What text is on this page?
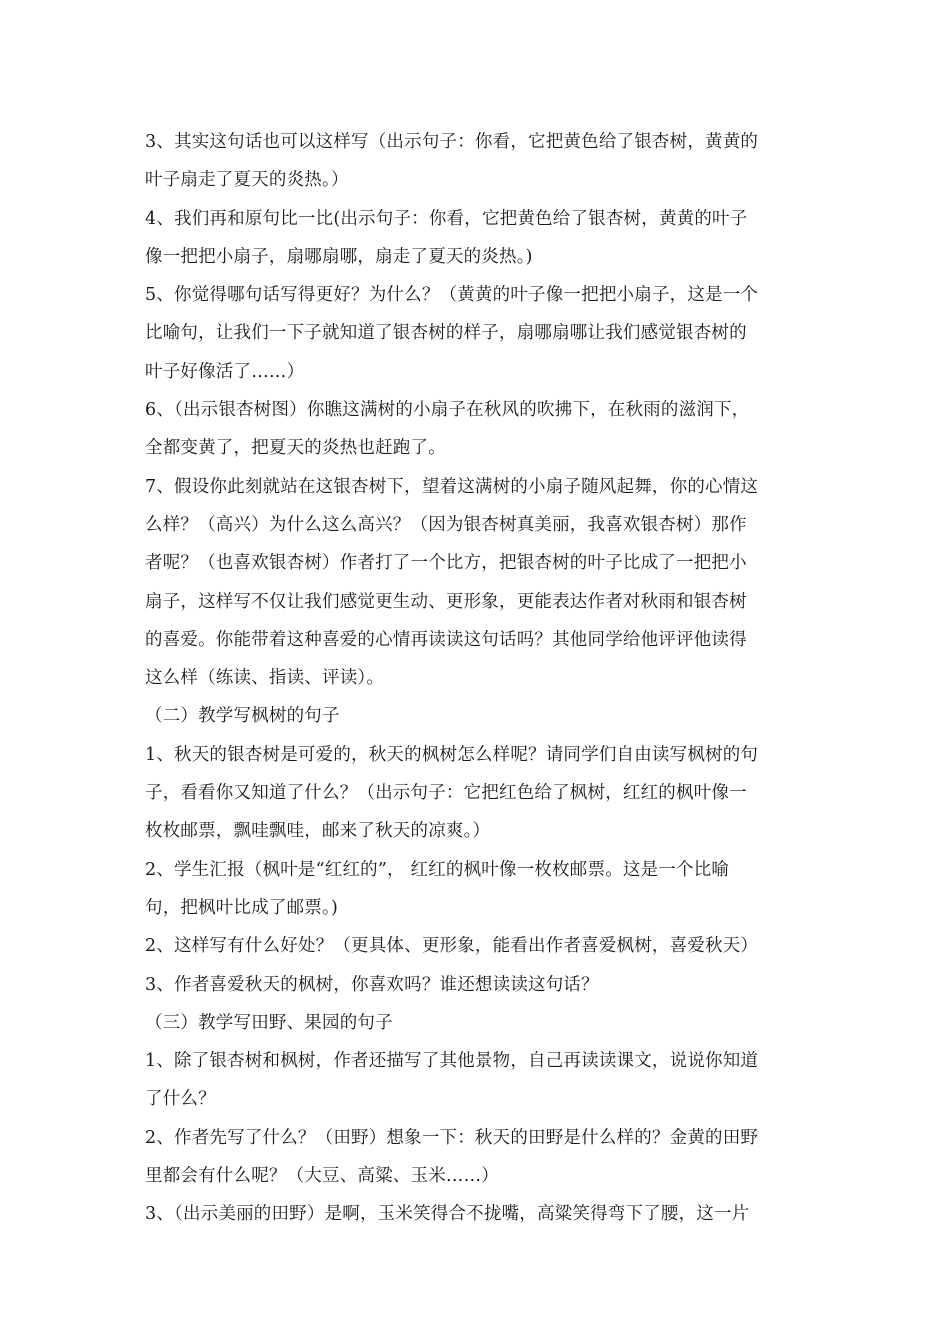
3、其实这句话也可以这样写（出示句子：你看，它把黄色给了银杏树，黄黄的
叶子扇走了夏天的炎热。）

4、我们再和原句比一比(出示句子：你看，它把黄色给了银杏树，黄黄的叶子
像一把把小扇子，扇哪扇哪，扇走了夏天的炎热。)

5、你觉得哪句话写得更好？为什么？（黄黄的叶子像一把把小扇子，这是一个
比喻句，让我们一下子就知道了银杏树的样子，扇哪扇哪让我们感觉银杏树的
叶子好像活了……）

6、（出示银杏树图）你瞧这满树的小扇子在秋风的吹拂下，在秋雨的滋润下，
全都变黄了，把夏天的炎热也赶跑了。

7、假设你此刻就站在这银杏树下，望着这满树的小扇子随风起舞，你的心情这
么样？（高兴）为什么这么高兴？（因为银杏树真美丽，我喜欢银杏树）那作
者呢？（也喜欢银杏树）作者打了一个比方，把银杏树的叶子比成了一把把小
扇子，这样写不仅让我们感觉更生动、更形象，更能表达作者对秋雨和银杏树
的喜爱。你能带着这种喜爱的心情再读读这句话吗？其他同学给他评评他读得
这么样（练读、指读、评读）。

（二）教学写枫树的句子

1、秋天的银杏树是可爱的，秋天的枫树怎么样呢？请同学们自由读写枫树的句
子，看看你又知道了什么？（出示句子：它把红色给了枫树，红红的枫叶像一
枚枚邮票，飘哇飘哇，邮来了秋天的凉爽。）

2、学生汇报（枫叶是“红红的”， 红红的枫叶像一枚枚邮票。这是一个比喻
句，把枫叶比成了邮票。)

2、这样写有什么好处？（更具体、更形象，能看出作者喜爱枫树，喜爱秋天）

3、作者喜爱秋天的枫树，你喜欢吗？谁还想读读这句话？

（三）教学写田野、果园的句子

1、除了银杏树和枫树，作者还描写了其他景物，自己再读读课文，说说你知道
了什么？

2、作者先写了什么？（田野）想象一下：秋天的田野是什么样的？金黄的田野
里都会有什么呢？（大豆、高粱、玉米……）

3、（出示美丽的田野）是啊，玉米笑得合不拢嘴，高粱笑得弯下了腰，这一片
